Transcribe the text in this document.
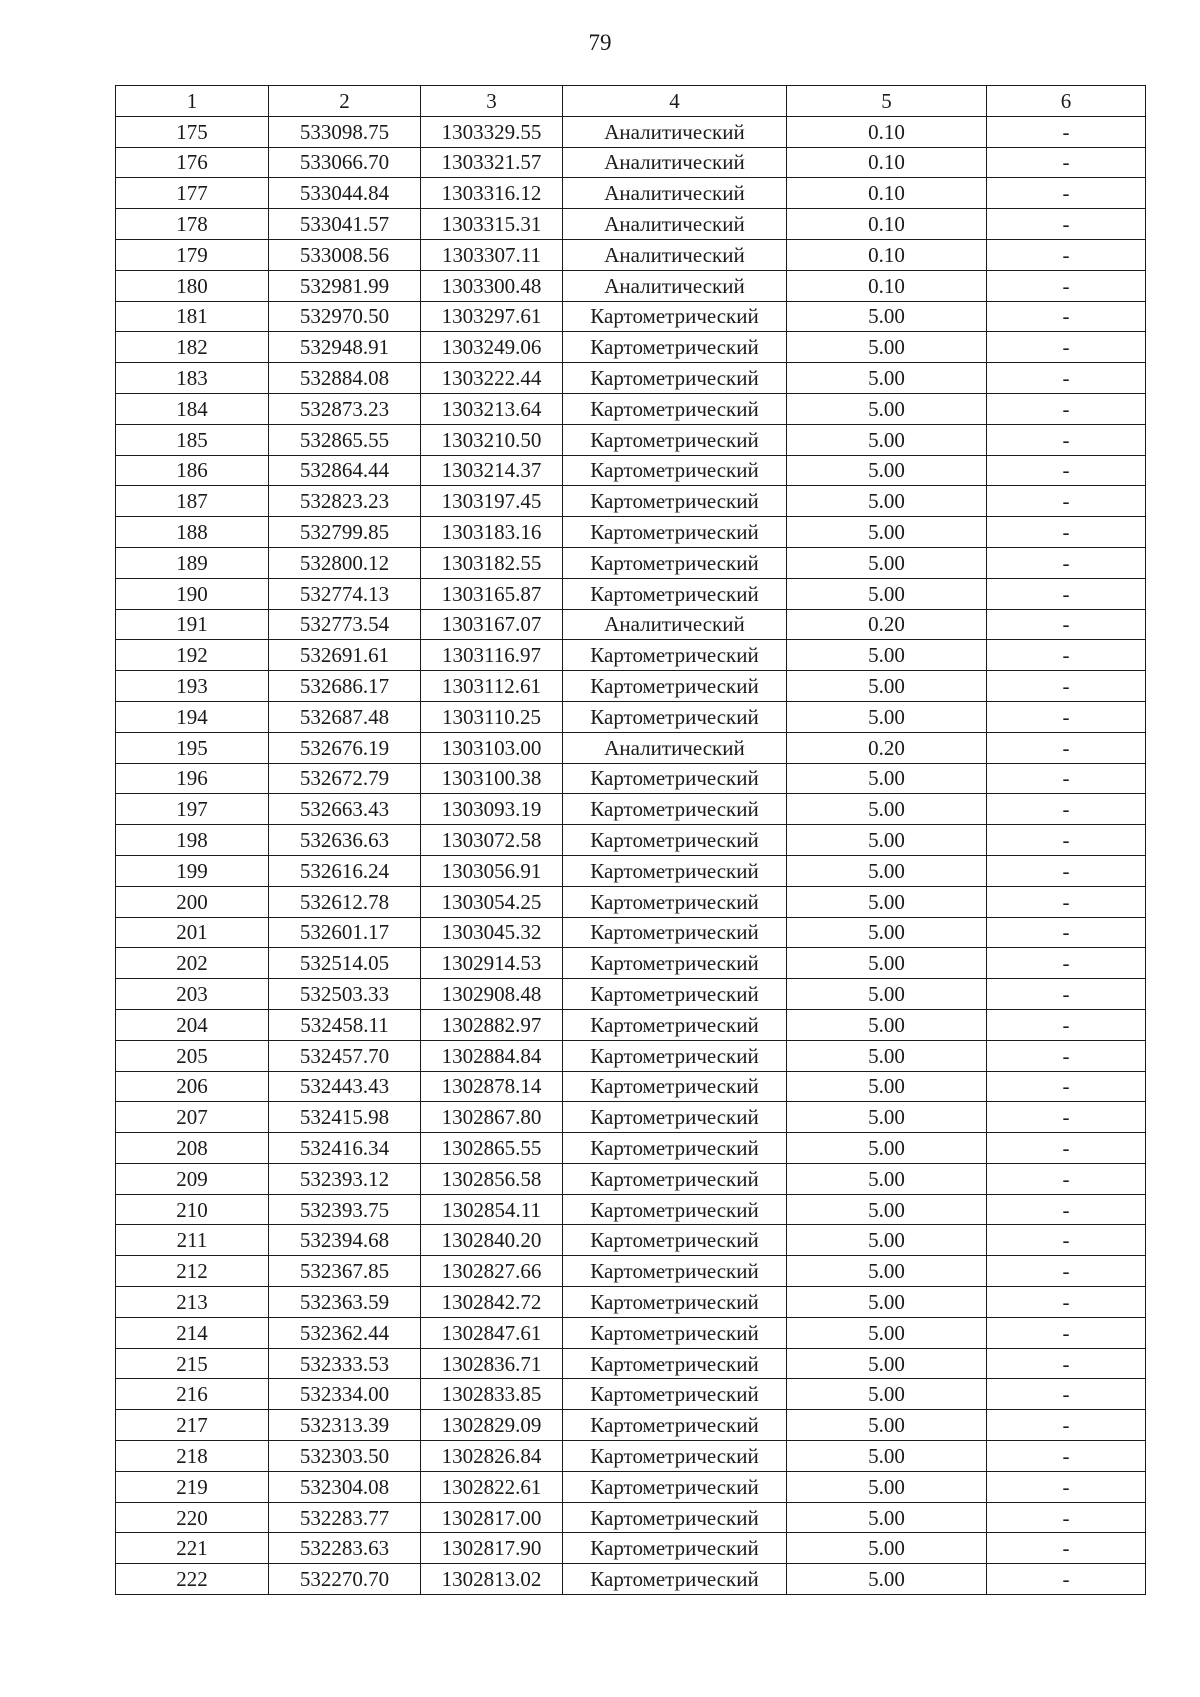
79
1	2	3	4	5	6
175	533098.75	1303329.55	Аналитический	0.10	-
176	533066.70	1303321.57	Аналитический	0.10	-
177	533044.84	1303316.12	Аналитический	0.10	-
178	533041.57	1303315.31	Аналитический	0.10	-
179	533008.56	1303307.11	Аналитический	0.10	-
180	532981.99	1303300.48	Аналитический	0.10	-
181	532970.50	1303297.61	Картометрический	5.00	-
182	532948.91	1303249.06	Картометрический	5.00	-
183	532884.08	1303222.44	Картометрический	5.00	-
184	532873.23	1303213.64	Картометрический	5.00	-
185	532865.55	1303210.50	Картометрический	5.00	-
186	532864.44	1303214.37	Картометрический	5.00	-
187	532823.23	1303197.45	Картометрический	5.00	-
188	532799.85	1303183.16	Картометрический	5.00	-
189	532800.12	1303182.55	Картометрический	5.00	-
190	532774.13	1303165.87	Картометрический	5.00	-
191	532773.54	1303167.07	Аналитический	0.20	-
192	532691.61	1303116.97	Картометрический	5.00	-
193	532686.17	1303112.61	Картометрический	5.00	-
194	532687.48	1303110.25	Картометрический	5.00	-
195	532676.19	1303103.00	Аналитический	0.20	-
196	532672.79	1303100.38	Картометрический	5.00	-
197	532663.43	1303093.19	Картометрический	5.00	-
198	532636.63	1303072.58	Картометрический	5.00	-
199	532616.24	1303056.91	Картометрический	5.00	-
200	532612.78	1303054.25	Картометрический	5.00	-
201	532601.17	1303045.32	Картометрический	5.00	-
202	532514.05	1302914.53	Картометрический	5.00	-
203	532503.33	1302908.48	Картометрический	5.00	-
204	532458.11	1302882.97	Картометрический	5.00	-
205	532457.70	1302884.84	Картометрический	5.00	-
206	532443.43	1302878.14	Картометрический	5.00	-
207	532415.98	1302867.80	Картометрический	5.00	-
208	532416.34	1302865.55	Картометрический	5.00	-
209	532393.12	1302856.58	Картометрический	5.00	-
210	532393.75	1302854.11	Картометрический	5.00	-
211	532394.68	1302840.20	Картометрический	5.00	-
212	532367.85	1302827.66	Картометрический	5.00	-
213	532363.59	1302842.72	Картометрический	5.00	-
214	532362.44	1302847.61	Картометрический	5.00	-
215	532333.53	1302836.71	Картометрический	5.00	-
216	532334.00	1302833.85	Картометрический	5.00	-
217	532313.39	1302829.09	Картометрический	5.00	-
218	532303.50	1302826.84	Картометрический	5.00	-
219	532304.08	1302822.61	Картометрический	5.00	-
220	532283.77	1302817.00	Картометрический	5.00	-
221	532283.63	1302817.90	Картометрический	5.00	-
222	532270.70	1302813.02	Картометрический	5.00	-
